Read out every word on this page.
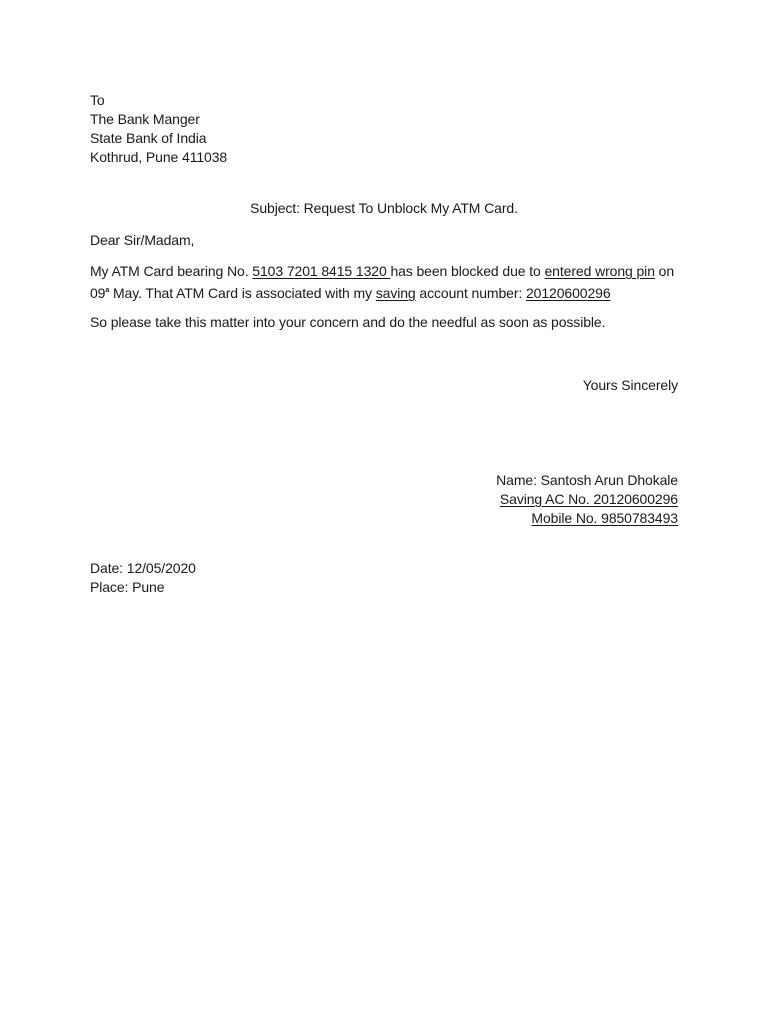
To
The Bank Manger
State Bank of India
Kothrud, Pune 411038
Subject: Request To Unblock My ATM Card.
Dear Sir/Madam,
My ATM Card bearing No. 5103 7201 8415 1320 has been blocked due to entered wrong pin on
09$^a$ May. That ATM Card is associated with my saving account number: 20120600296
So please take this matter into your concern and do the needful as soon as possible.
Yours Sincerely
Name: Santosh Arun Dhokale
Saving AC No. 20120600296
Mobile No. 9850783493
Date: 12/05/2020
Place: Pune
